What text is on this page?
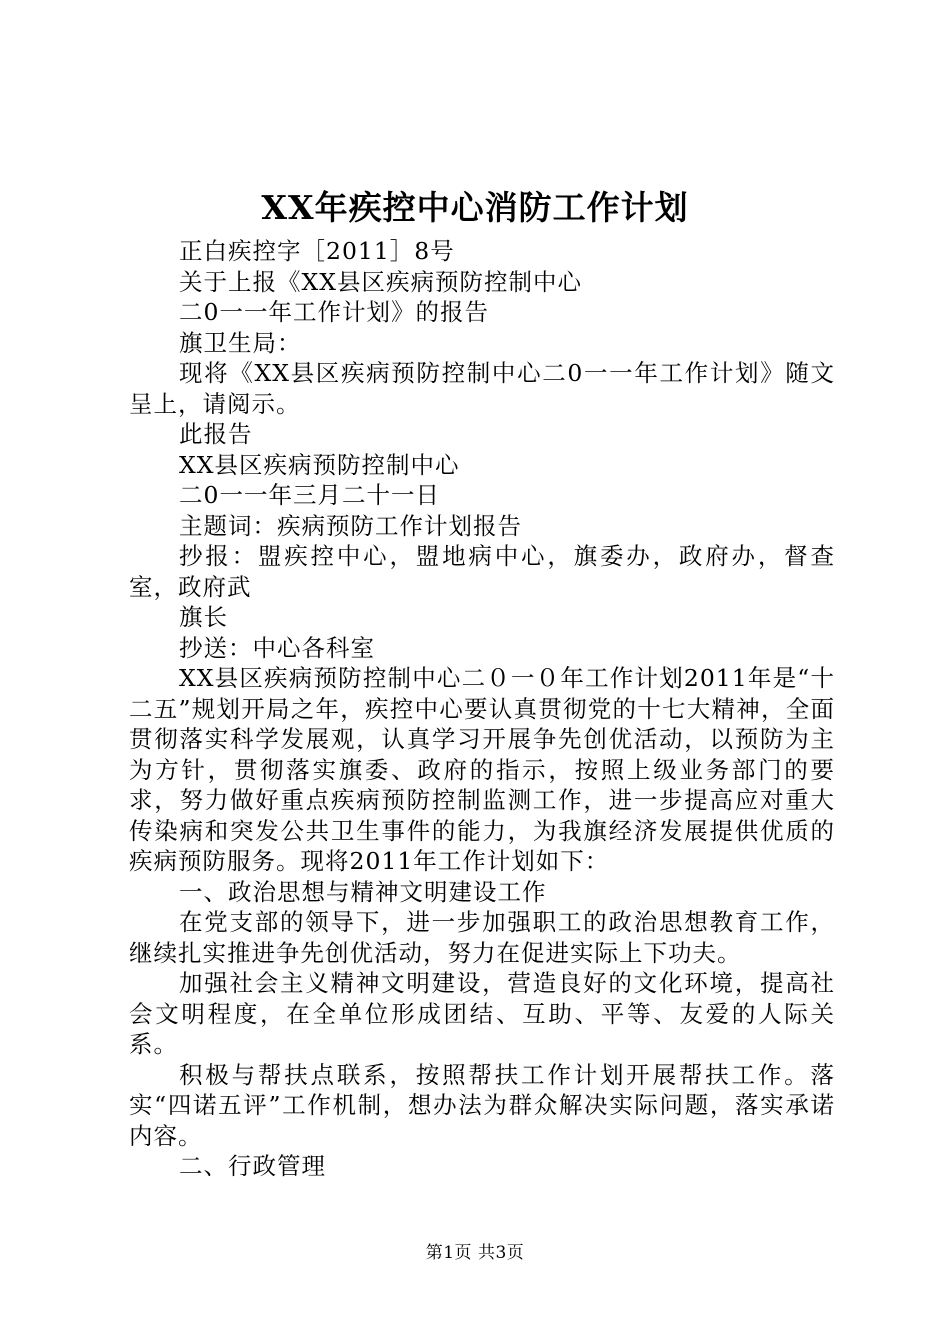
XX年疾控中心消防工作计划

正白疾控字［2011］8号

关于上报《XX县区疾病预防控制中心

二0一一年工作计划》的报告

旗卫生局：

现将《XX县区疾病预防控制中心二0一一年工作计划》随文呈上，请阅示。

此报告

XX县区疾病预防控制中心

二0一一年三月二十一日

主题词：疾病预防工作计划报告

抄报：盟疾控中心，盟地病中心，旗委办，政府办，督查室，政府武

旗长

抄送：中心各科室

XX县区疾病预防控制中心二０一０年工作计划2011年是“十二五”规划开局之年，疾控中心要认真贯彻党的十七大精神，全面贯彻落实科学发展观，认真学习开展争先创优活动，以预防为主为方针，贯彻落实旗委、政府的指示，按照上级业务部门的要求，努力做好重点疾病预防控制监测工作，进一步提高应对重大传染病和突发公共卫生事件的能力，为我旗经济发展提供优质的疾病预防服务。现将2011年工作计划如下：

一、政治思想与精神文明建设工作

在党支部的领导下，进一步加强职工的政治思想教育工作，继续扎实推进争先创优活动，努力在促进实际上下功夫。

加强社会主义精神文明建设，营造良好的文化环境，提高社会文明程度，在全单位形成团结、互助、平等、友爱的人际关系。

积极与帮扶点联系，按照帮扶工作计划开展帮扶工作。落实“四诺五评”工作机制，想办法为群众解决实际问题，落实承诺内容。

二、行政管理

第1页 共3页
